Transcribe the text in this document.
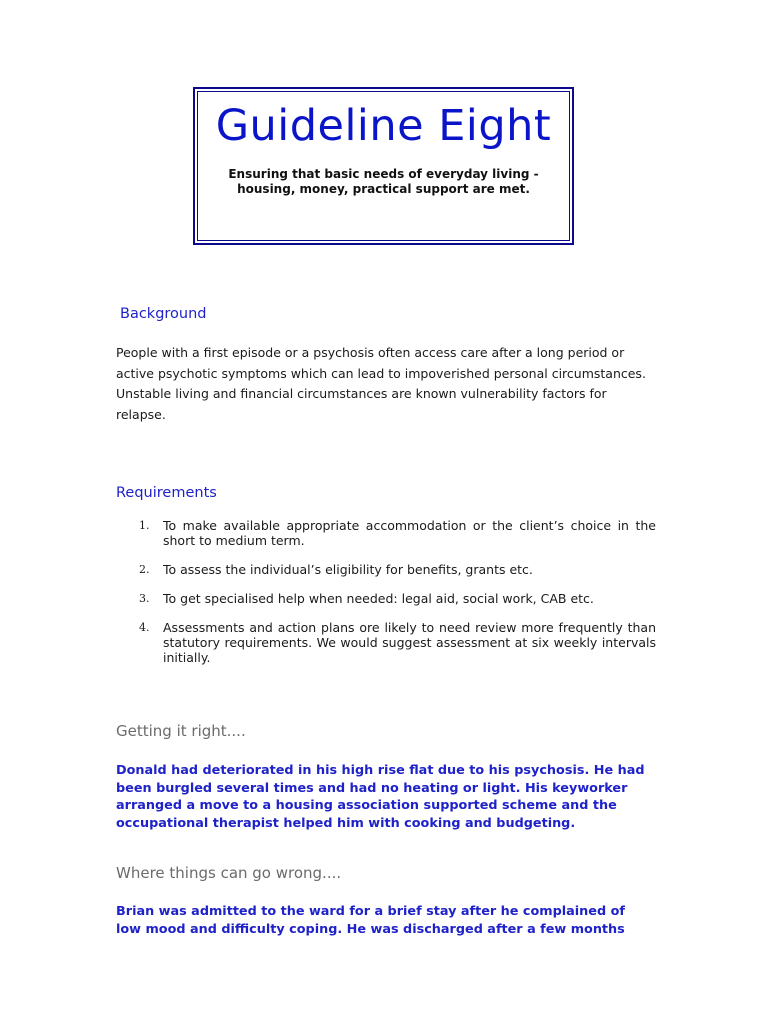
Guideline Eight
Ensuring that basic needs of everyday living -
housing, money, practical support are met.
Background
People with a first episode or a psychosis often access care after a long period or active psychotic symptoms which can lead to impoverished personal circumstances. Unstable living and financial circumstances are known vulnerability factors for relapse.
Requirements
1. To make available appropriate accommodation or the client’s choice in the short to medium term.
2. To assess the individual’s eligibility for benefits, grants etc.
3. To get specialised help when needed: legal aid, social work, CAB etc.
4. Assessments and action plans ore likely to need review more frequently than statutory requirements. We would suggest assessment at six weekly intervals initially.
Getting it right....
Donald had deteriorated in his high rise flat due to his psychosis. He had been burgled several times and had no heating or light. His keyworker arranged a move to a housing association supported scheme and the occupational therapist helped him with cooking and budgeting.
Where things can go wrong....
Brian was admitted to the ward for a brief stay after he complained of low mood and difficulty coping. He was discharged after a few months
